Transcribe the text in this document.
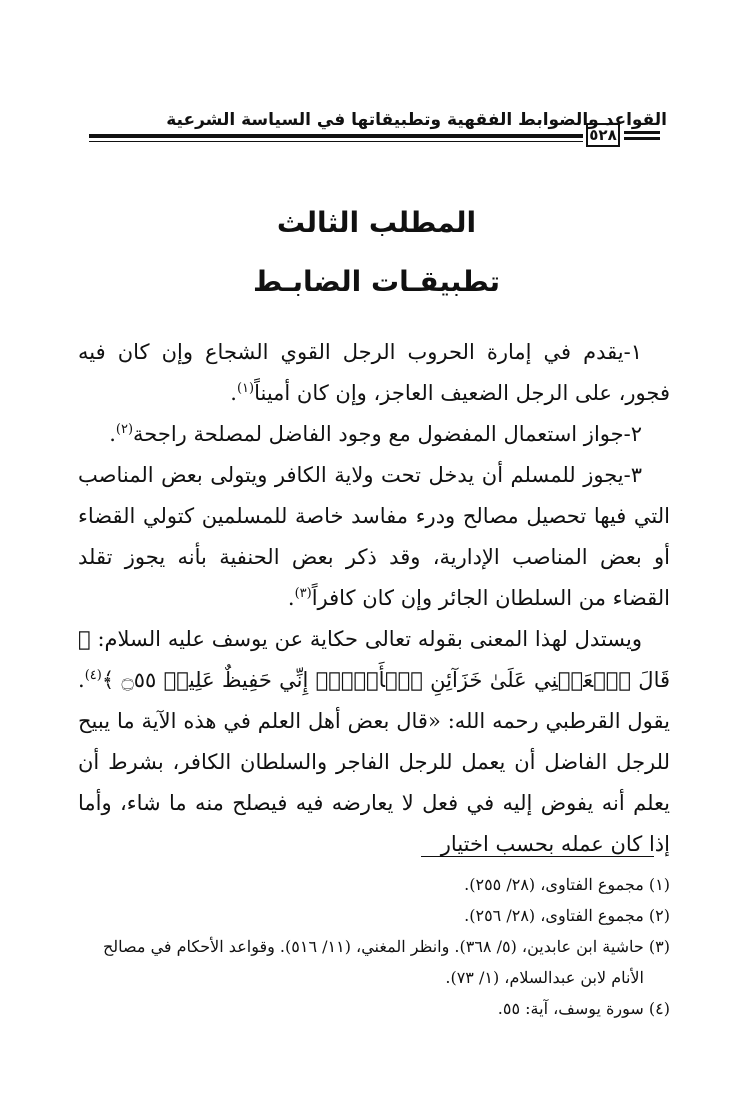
القواعد والضوابط الفقهية وتطبيقاتها في السياسة الشرعية
٥٢٨
المطلب الثالث
تطبيقـات الضابـط

١-يقدم في إمارة الحروب الرجل القوي الشجاع وإن كان فيه فجور، على الرجل الضعيف العاجز، وإن كان أميناً$^{(١)}$.

٢-جواز استعمال المفضول مع وجود الفاضل لمصلحة راجحة$^{(٢)}$.

٣-يجوز للمسلم أن يدخل تحت ولاية الكافر ويتولى بعض المناصب التي فيها تحصيل مصالح ودرء مفاسد خاصة للمسلمين كتولي القضاء أو بعض المناصب الإدارية، وقد ذكر بعض الحنفية بأنه يجوز تقلد القضاء من السلطان الجائر وإن كان كافراً$^{(٣)}$.

ويستدل لهذا المعنى بقوله تعالى حكاية عن يوسف عليه السلام: ﴿ قَالَ ٱجۡعَلۡنِي عَلَىٰ خَزَآئِنِ ٱلۡأَرۡضِۖ إِنِّي حَفِيظٌ عَلِيمٞ ۝٥٥ ﴾$^{(٤)}$. يقول القرطبي رحمه الله: «قال بعض أهل العلم في هذه الآية ما يبيح للرجل الفاضل أن يعمل للرجل الفاجر والسلطان الكافر، بشرط أن يعلم أنه يفوض إليه في فعل لا يعارضه فيه فيصلح منه ما شاء، وأما إذا كان عمله بحسب اختيار

(١) مجموع الفتاوى، (٢٨/ ٢٥٥).

(٢) مجموع الفتاوى، (٢٨/ ٢٥٦).

(٣) حاشية ابن عابدين، (٥/ ٣٦٨). وانظر المغني، (١١/ ٥١٦). وقواعد الأحكام في مصالح

الأنام لابن عبدالسلام، (١/ ٧٣).

(٤) سورة يوسف، آية: ٥٥.
